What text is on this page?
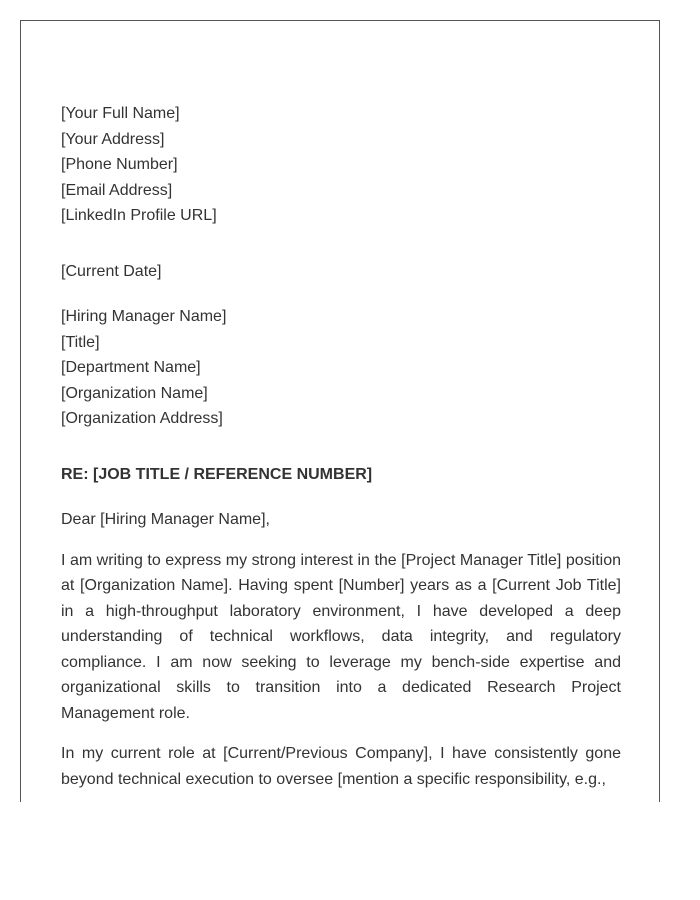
[Your Full Name]
[Your Address]
[Phone Number]
[Email Address]
[LinkedIn Profile URL]
[Current Date]
[Hiring Manager Name]
[Title]
[Department Name]
[Organization Name]
[Organization Address]
RE: [JOB TITLE / REFERENCE NUMBER]
Dear [Hiring Manager Name],

I am writing to express my strong interest in the [Project Manager Title] position at [Organization Name]. Having spent [Number] years as a [Current Job Title] in a high-throughput laboratory environment, I have developed a deep understanding of technical workflows, data integrity, and regulatory compliance. I am now seeking to leverage my bench-side expertise and organizational skills to transition into a dedicated Research Project Management role.

In my current role at [Current/Previous Company], I have consistently gone beyond technical execution to oversee [mention a specific responsibility, e.g.,
